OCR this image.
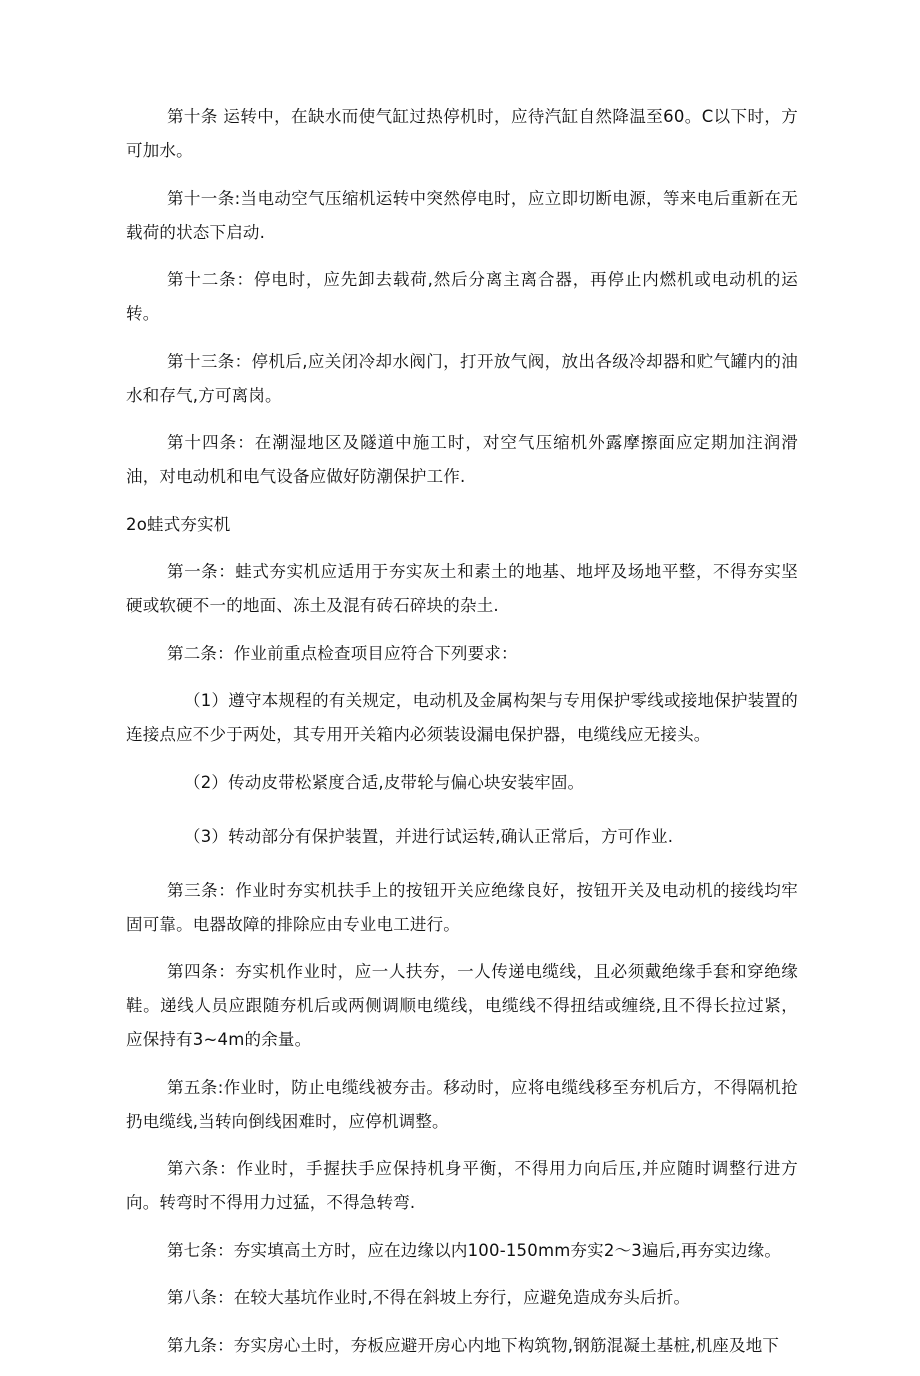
第十条 运转中，在缺水而使气缸过热停机时，应待汽缸自然降温至60。C以下时，方可加水。

第十一条:当电动空气压缩机运转中突然停电时，应立即切断电源，等来电后重新在无载荷的状态下启动.

第十二条：停电时，应先卸去载荷,然后分离主离合器，再停止内燃机或电动机的运转。

第十三条：停机后,应关闭冷却水阀门，打开放气阀，放出各级冷却器和贮气罐内的油水和存气,方可离岗。

第十四条：在潮湿地区及隧道中施工时，对空气压缩机外露摩擦面应定期加注润滑油，对电动机和电气设备应做好防潮保护工作.

2o蛙式夯实机

第一条：蛙式夯实机应适用于夯实灰土和素土的地基、地坪及场地平整，不得夯实坚硬或软硬不一的地面、冻土及混有砖石碎块的杂土.

第二条：作业前重点检查项目应符合下列要求：

（1）遵守本规程的有关规定，电动机及金属构架与专用保护零线或接地保护装置的连接点应不少于两处，其专用开关箱内必须装设漏电保护器，电缆线应无接头。

（2）传动皮带松紧度合适,皮带轮与偏心块安装牢固。

（3）转动部分有保护装置，并进行试运转,确认正常后，方可作业.

第三条：作业时夯实机扶手上的按钮开关应绝缘良好，按钮开关及电动机的接线均牢固可靠。电器故障的排除应由专业电工进行。

第四条：夯实机作业时，应一人扶夯，一人传递电缆线，且必须戴绝缘手套和穿绝缘鞋。递线人员应跟随夯机后或两侧调顺电缆线，电缆线不得扭结或缠绕,且不得长拉过紧，应保持有3~4m的余量。

第五条:作业时，防止电缆线被夯击。移动时，应将电缆线移至夯机后方，不得隔机抢扔电缆线,当转向倒线困难时，应停机调整。

第六条：作业时，手握扶手应保持机身平衡，不得用力向后压,并应随时调整行进方向。转弯时不得用力过猛，不得急转弯.

第七条：夯实填高土方时，应在边缘以内100-150mm夯实2〜3遍后,再夯实边缘。

第八条：在较大基坑作业时,不得在斜坡上夯行，应避免造成夯头后折。

第九条：夯实房心土时，夯板应避开房心内地下构筑物,钢筋混凝土基桩,机座及地下
